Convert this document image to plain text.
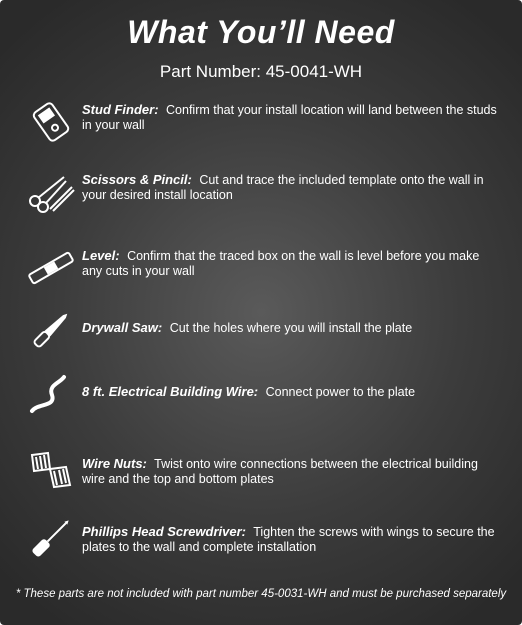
What You’ll Need
Part Number: 45-0041-WH
Stud Finder: Confirm that your install location will land between the studs in your wall
Scissors & Pincil: Cut and trace the included template onto the wall in your desired install location
Level: Confirm that the traced box on the wall is level before you make any cuts in your wall
Drywall Saw: Cut the holes where you will install the plate
8 ft. Electrical Building Wire: Connect power to the plate
Wire Nuts: Twist onto wire connections between the electrical building wire and the top and bottom plates
Phillips Head Screwdriver: Tighten the screws with wings to secure the plates to the wall and complete installation
* These parts are not included with part number 45-0031-WH and must be purchased separately
